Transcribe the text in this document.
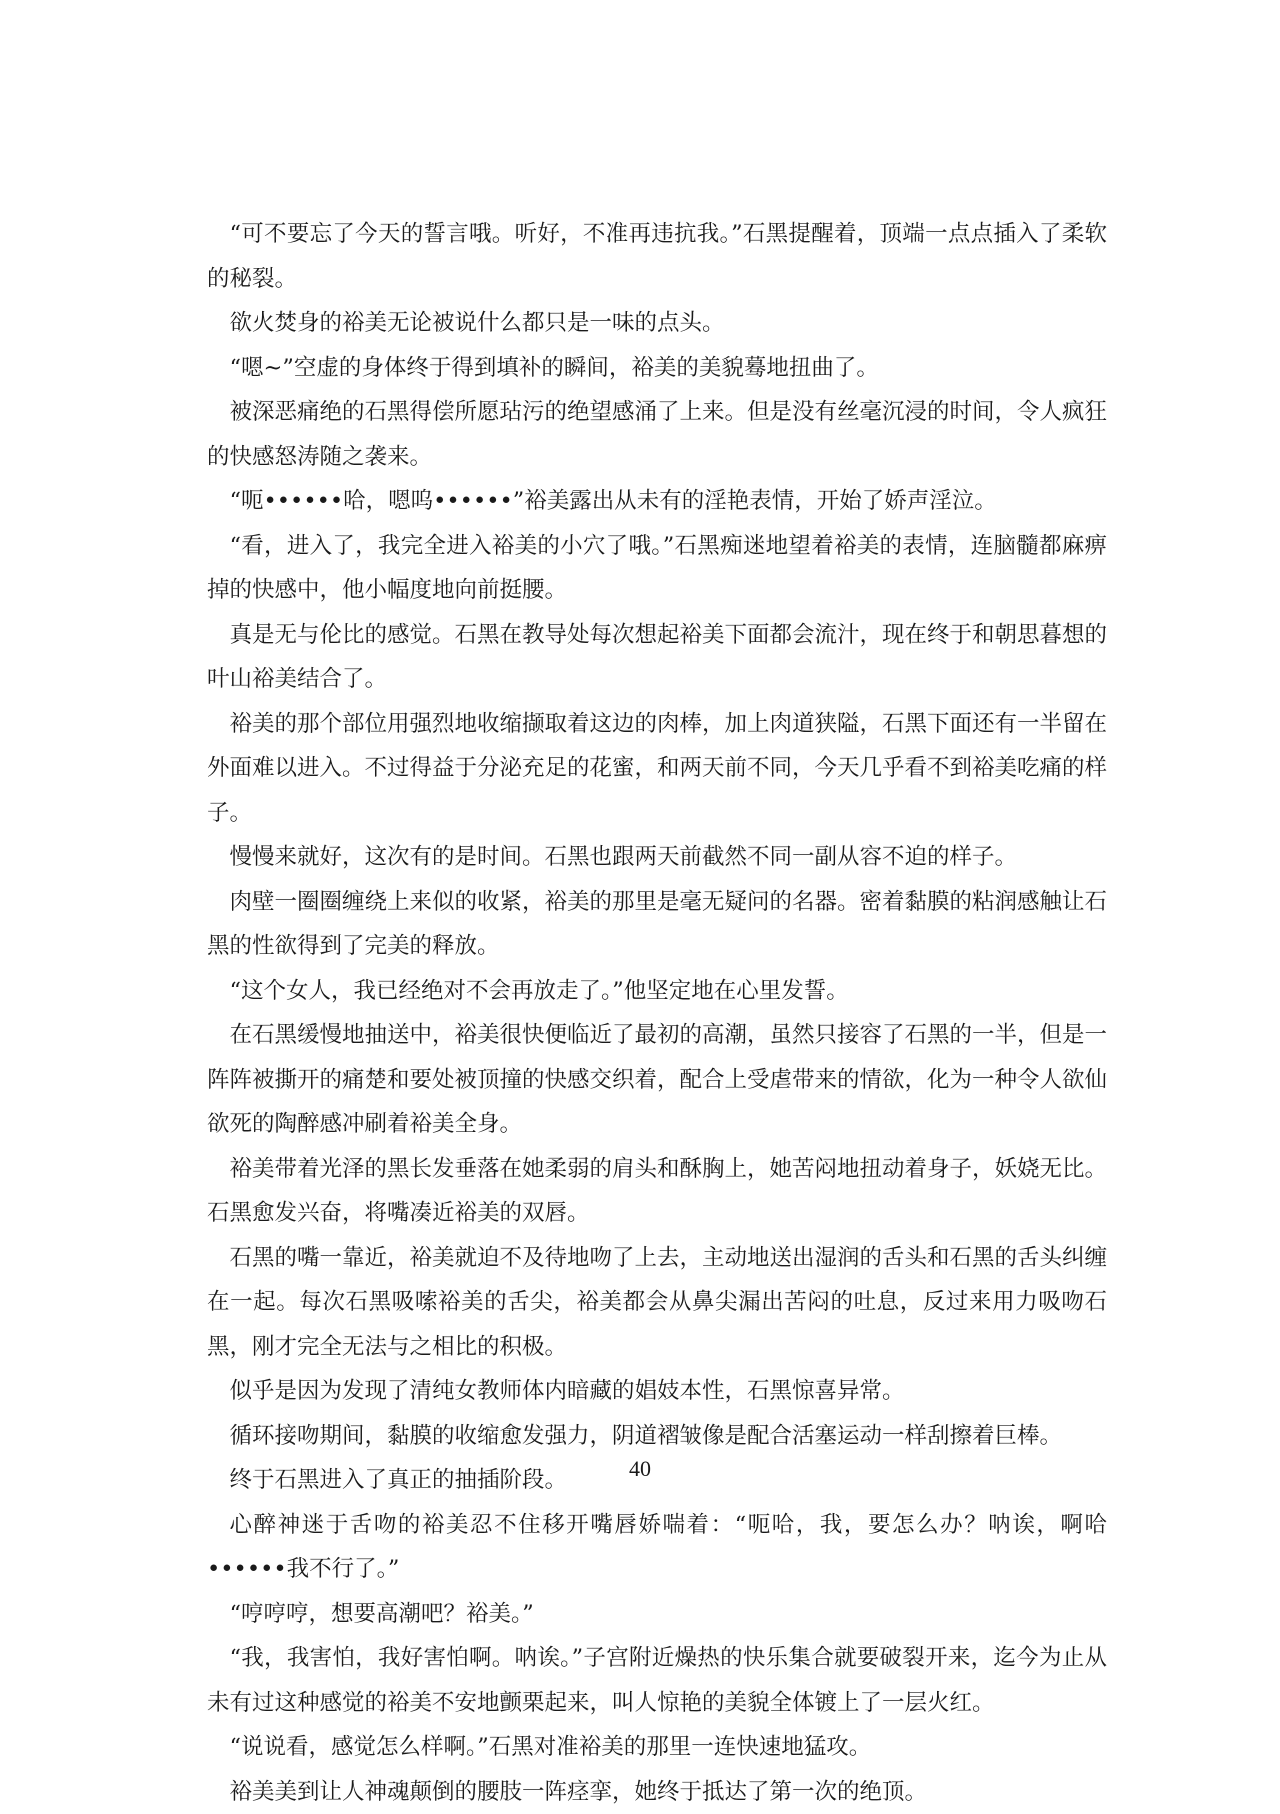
“可不要忘了今天的誓言哦。听好，不准再违抗我。”石黑提醒着，顶端一点点插入了柔软的秘裂。

欲火焚身的裕美无论被说什么都只是一味的点头。

“嗯~”空虚的身体终于得到填补的瞬间，裕美的美貌蓦地扭曲了。

被深恶痛绝的石黑得偿所愿玷污的绝望感涌了上来。但是没有丝毫沉浸的时间，令人疯狂的快感怒涛随之袭来。

“呃••••••哈，嗯呜••••••”裕美露出从未有的淫艳表情，开始了娇声淫泣。

“看，进入了，我完全进入裕美的小穴了哦。”石黑痴迷地望着裕美的表情，连脑髓都麻痹掉的快感中，他小幅度地向前挺腰。

真是无与伦比的感觉。石黑在教导处每次想起裕美下面都会流汁，现在终于和朝思暮想的叶山裕美结合了。

裕美的那个部位用强烈地收缩撷取着这边的肉棒，加上肉道狭隘，石黑下面还有一半留在外面难以进入。不过得益于分泌充足的花蜜，和两天前不同，今天几乎看不到裕美吃痛的样子。

慢慢来就好，这次有的是时间。石黑也跟两天前截然不同一副从容不迫的样子。

肉壁一圈圈缠绕上来似的收紧，裕美的那里是毫无疑问的名器。密着黏膜的粘润感触让石黑的性欲得到了完美的释放。

“这个女人，我已经绝对不会再放走了。”他坚定地在心里发誓。

在石黑缓慢地抽送中，裕美很快便临近了最初的高潮，虽然只接容了石黑的一半，但是一阵阵被撕开的痛楚和要处被顶撞的快感交织着，配合上受虐带来的情欲，化为一种令人欲仙欲死的陶醉感冲刷着裕美全身。

裕美带着光泽的黑长发垂落在她柔弱的肩头和酥胸上，她苦闷地扭动着身子，妖娆无比。石黑愈发兴奋，将嘴凑近裕美的双唇。

石黑的嘴一靠近，裕美就迫不及待地吻了上去，主动地送出湿润的舌头和石黑的舌头纠缠在一起。每次石黑吸嗦裕美的舌尖，裕美都会从鼻尖漏出苦闷的吐息，反过来用力吸吻石黑，刚才完全无法与之相比的积极。

似乎是因为发现了清纯女教师体内暗藏的娼妓本性，石黑惊喜异常。

循环接吻期间，黏膜的收缩愈发强力，阴道褶皱像是配合活塞运动一样刮擦着巨棒。

终于石黑进入了真正的抽插阶段。

心醉神迷于舌吻的裕美忍不住移开嘴唇娇喘着：“呃哈，我，要怎么办？呐诶，啊哈••••••我不行了。”

“哼哼哼，想要高潮吧？裕美。”

“我，我害怕，我好害怕啊。呐诶。”子宫附近燥热的快乐集合就要破裂开来，迄今为止从未有过这种感觉的裕美不安地颤栗起来，叫人惊艳的美貌全体镀上了一层火红。

“说说看，感觉怎么样啊。”石黑对准裕美的那里一连快速地猛攻。

裕美美到让人神魂颠倒的腰肢一阵痉挛，她终于抵达了第一次的绝顶。

40
